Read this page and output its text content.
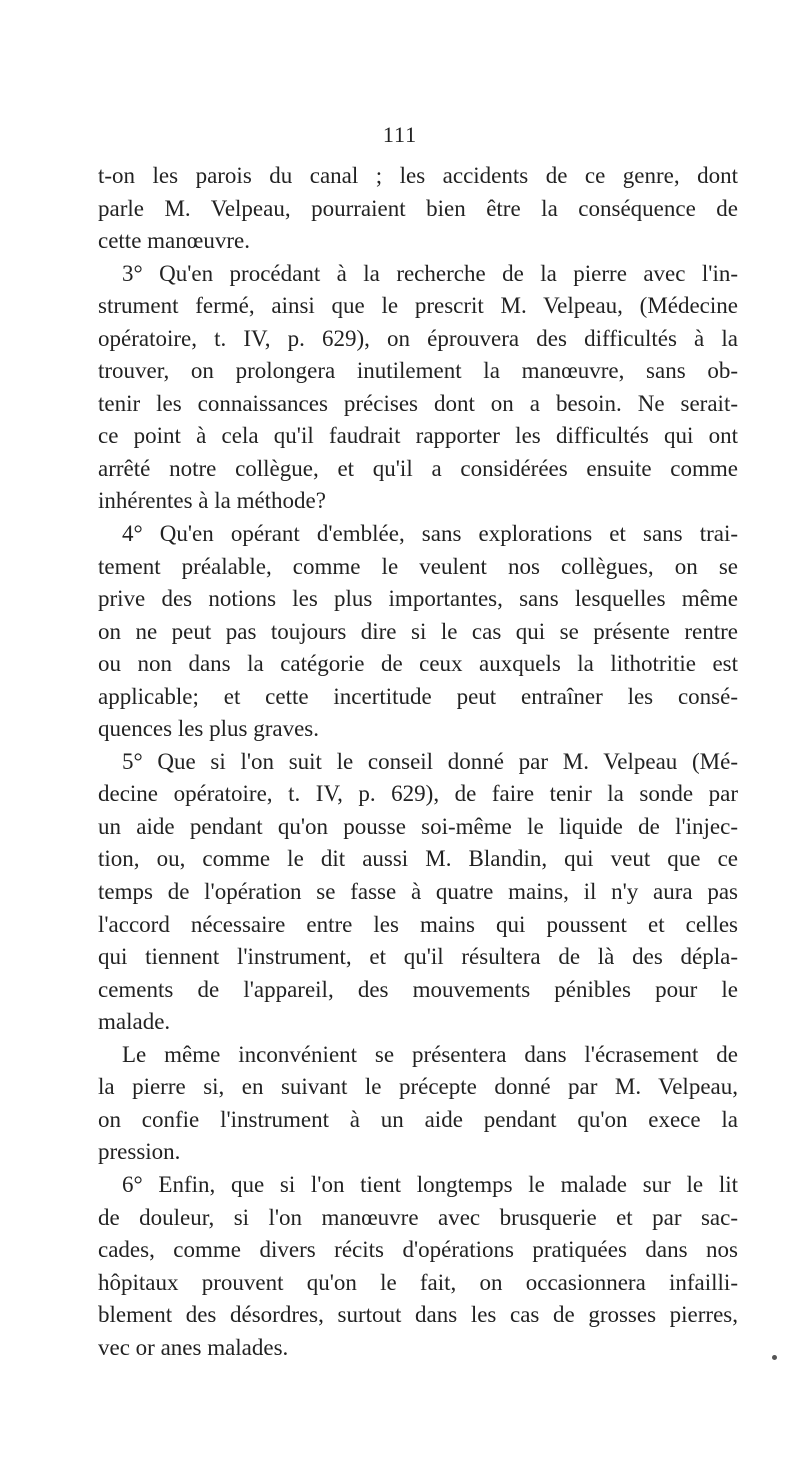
111
t-on les parois du canal ; les accidents de ce genre, dont
parle M. Velpeau, pourraient bien être la conséquence de
cette manœuvre.
3° Qu'en procédant à la recherche de la pierre avec l'in-
strument fermé, ainsi que le prescrit M. Velpeau, (Médecine
opératoire, t. IV, p. 629), on éprouvera des difficultés à la
trouver, on prolongera inutilement la manœuvre, sans ob-
tenir les connaissances précises dont on a besoin. Ne serait-
ce point à cela qu'il faudrait rapporter les difficultés qui ont
arrêté notre collègue, et qu'il a considérées ensuite comme
inhérentes à la méthode?
4° Qu'en opérant d'emblée, sans explorations et sans trai-
tement préalable, comme le veulent nos collègues, on se
prive des notions les plus importantes, sans lesquelles même
on ne peut pas toujours dire si le cas qui se présente rentre
ou non dans la catégorie de ceux auxquels la lithotritie est
applicable; et cette incertitude peut entraîner les consé-
quences les plus graves.
5° Que si l'on suit le conseil donné par M. Velpeau (Mé-
decine opératoire, t. IV, p. 629), de faire tenir la sonde par
un aide pendant qu'on pousse soi-même le liquide de l'injec-
tion, ou, comme le dit aussi M. Blandin, qui veut que ce
temps de l'opération se fasse à quatre mains, il n'y aura pas
l'accord nécessaire entre les mains qui poussent et celles
qui tiennent l'instrument, et qu'il résultera de là des dépla-
cements de l'appareil, des mouvements pénibles pour le
malade.
Le même inconvénient se présentera dans l'écrasement de
la pierre si, en suivant le précepte donné par M. Velpeau,
on confie l'instrument à un aide pendant qu'on exece la
pression.
6° Enfin, que si l'on tient longtemps le malade sur le lit
de douleur, si l'on manœuvre avec brusquerie et par sac-
cades, comme divers récits d'opérations pratiquées dans nos
hôpitaux prouvent qu'on le fait, on occasionnera infailli-
blement des désordres, surtout dans les cas de grosses pierres,
vec or anes malades.
